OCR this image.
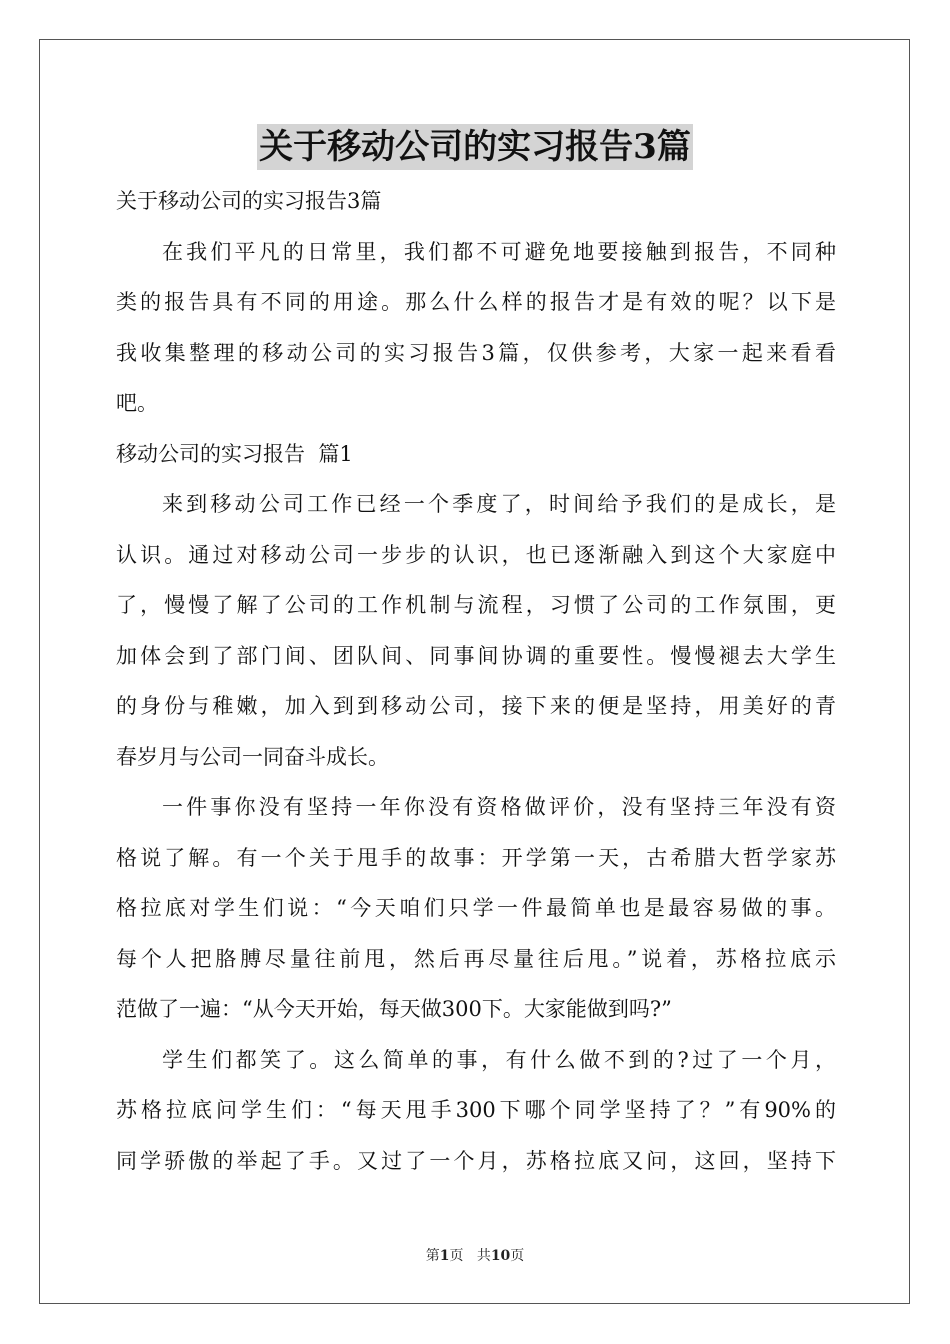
关于移动公司的实习报告3篇
关于移动公司的实习报告3篇
在我们平凡的日常里，我们都不可避免地要接触到报告，不同种
类的报告具有不同的用途。那么什么样的报告才是有效的呢？以下是
我收集整理的移动公司的实习报告3篇，仅供参考，大家一起来看看
吧。
移动公司的实习报告  篇1
来到移动公司工作已经一个季度了，时间给予我们的是成长，是
认识。通过对移动公司一步步的认识，也已逐渐融入到这个大家庭中
了，慢慢了解了公司的工作机制与流程，习惯了公司的工作氛围，更
加体会到了部门间、团队间、同事间协调的重要性。慢慢褪去大学生
的身份与稚嫩，加入到到移动公司，接下来的便是坚持，用美好的青
春岁月与公司一同奋斗成长。
一件事你没有坚持一年你没有资格做评价，没有坚持三年没有资
格说了解。有一个关于甩手的故事：开学第一天，古希腊大哲学家苏
格拉底对学生们说：“今天咱们只学一件最简单也是最容易做的事。
每个人把胳膊尽量往前甩，然后再尽量往后甩。”说着，苏格拉底示
范做了一遍：“从今天开始，每天做300下。大家能做到吗?”
学生们都笑了。这么简单的事，有什么做不到的?过了一个月，
苏格拉底问学生们：“每天甩手300下哪个同学坚持了？”有90%的
同学骄傲的举起了手。又过了一个月，苏格拉底又问，这回，坚持下
第1页 共10页
